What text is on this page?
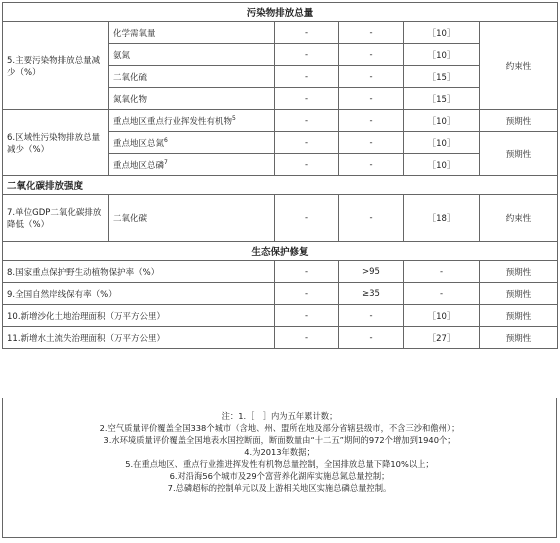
污染物排放总量					
5.主要污染物排放总量减少（%）	化学需氧量	-	-	［10］	约束性
	氨氮	-	-	［10］	
	二氧化硫	-	-	［15］	
	氮氧化物	-	-	［15］	
6.区域性污染物排放总量减少（%）	重点地区重点行业挥发性有机物$^5$	-	-	［10］	预期性
	重点地区总氮$^6$	-	-	［10］	预期性
	重点地区总磷$^7$	-	-	［10］	
二氧化碳排放强度					
7.单位GDP二氧化碳排放降低（%）	二氧化碳	-	-	［18］	约束性
生态保护修复					
8.国家重点保护野生动植物保护率（%）		-	>95	-	预期性
9.全国自然岸线保有率（%）		-	≥35	-	预期性
10.新增沙化土地治理面积（万平方公里）		-	-	［10］	预期性
11.新增水土流失治理面积（万平方公里）		-	-	［27］	预期性
注：1.［　］内为五年累计数；
2.空气质量评价覆盖全国338个城市（含地、州、盟所在地及部分省辖县级市，不含三沙和儋州）；
3.水环境质量评价覆盖全国地表水国控断面，断面数量由“十二五”期间的972个增加到1940个；
4.为2013年数据；
5.在重点地区、重点行业推进挥发性有机物总量控制，全国排放总量下降10%以上；
6.对沿海56个城市及29个富营养化湖库实施总氮总量控制；
7.总磷超标的控制单元以及上游相关地区实施总磷总量控制。
